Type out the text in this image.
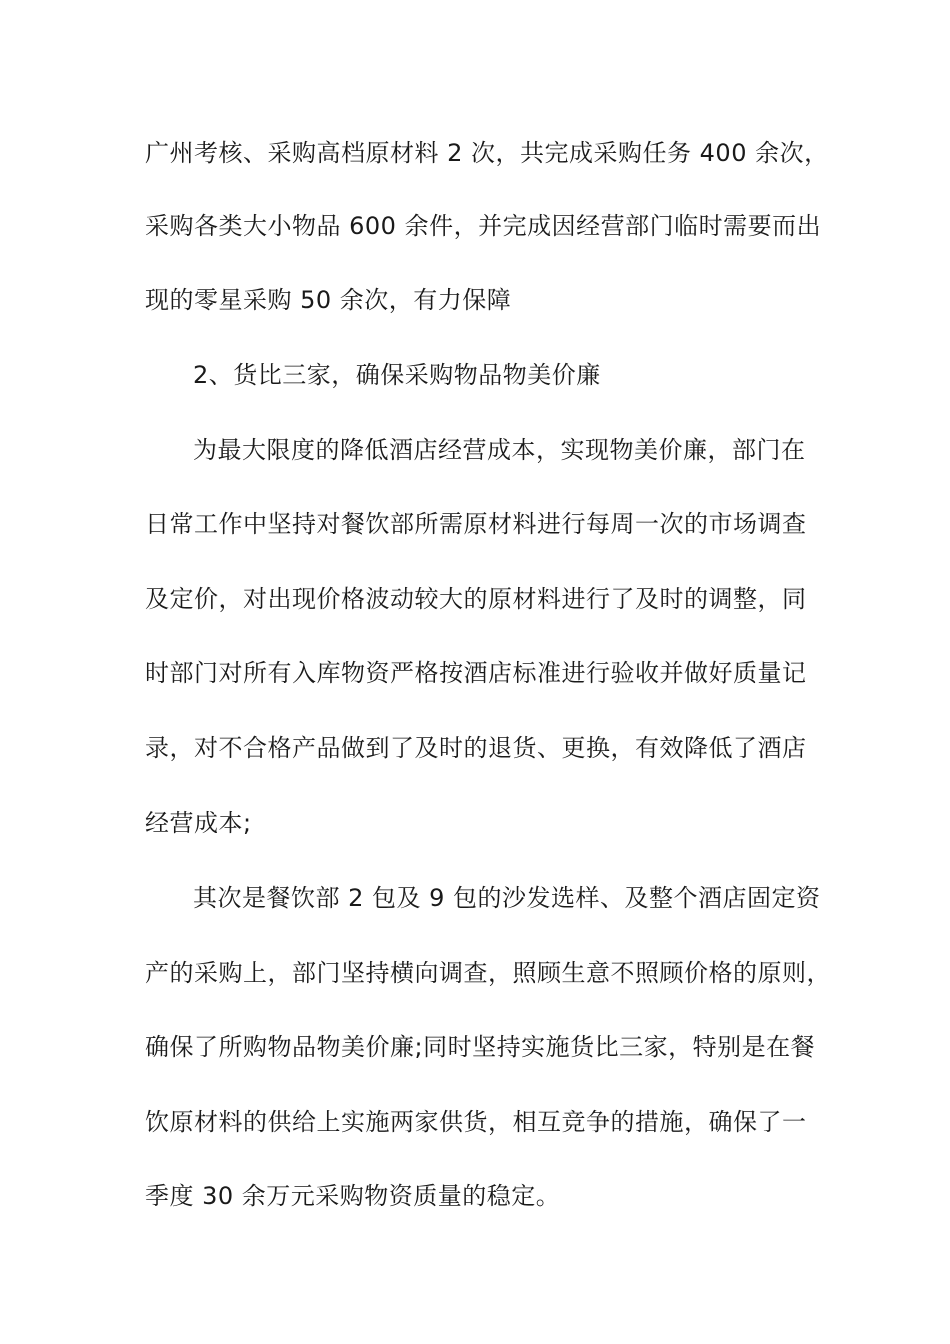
广州考核、采购高档原材料 2 次，共完成采购任务 400 余次，
采购各类大小物品 600 余件，并完成因经营部门临时需要而出
现的零星采购 50 余次，有力保障
2、货比三家，确保采购物品物美价廉
为最大限度的降低酒店经营成本，实现物美价廉，部门在
日常工作中坚持对餐饮部所需原材料进行每周一次的市场调查
及定价，对出现价格波动较大的原材料进行了及时的调整，同
时部门对所有入库物资严格按酒店标准进行验收并做好质量记
录，对不合格产品做到了及时的退货、更换，有效降低了酒店
经营成本;
其次是餐饮部 2 包及 9 包的沙发选样、及整个酒店固定资
产的采购上，部门坚持横向调查，照顾生意不照顾价格的原则，
确保了所购物品物美价廉;同时坚持实施货比三家，特别是在餐
饮原材料的供给上实施两家供货，相互竞争的措施，确保了一
季度 30 余万元采购物资质量的稳定。
